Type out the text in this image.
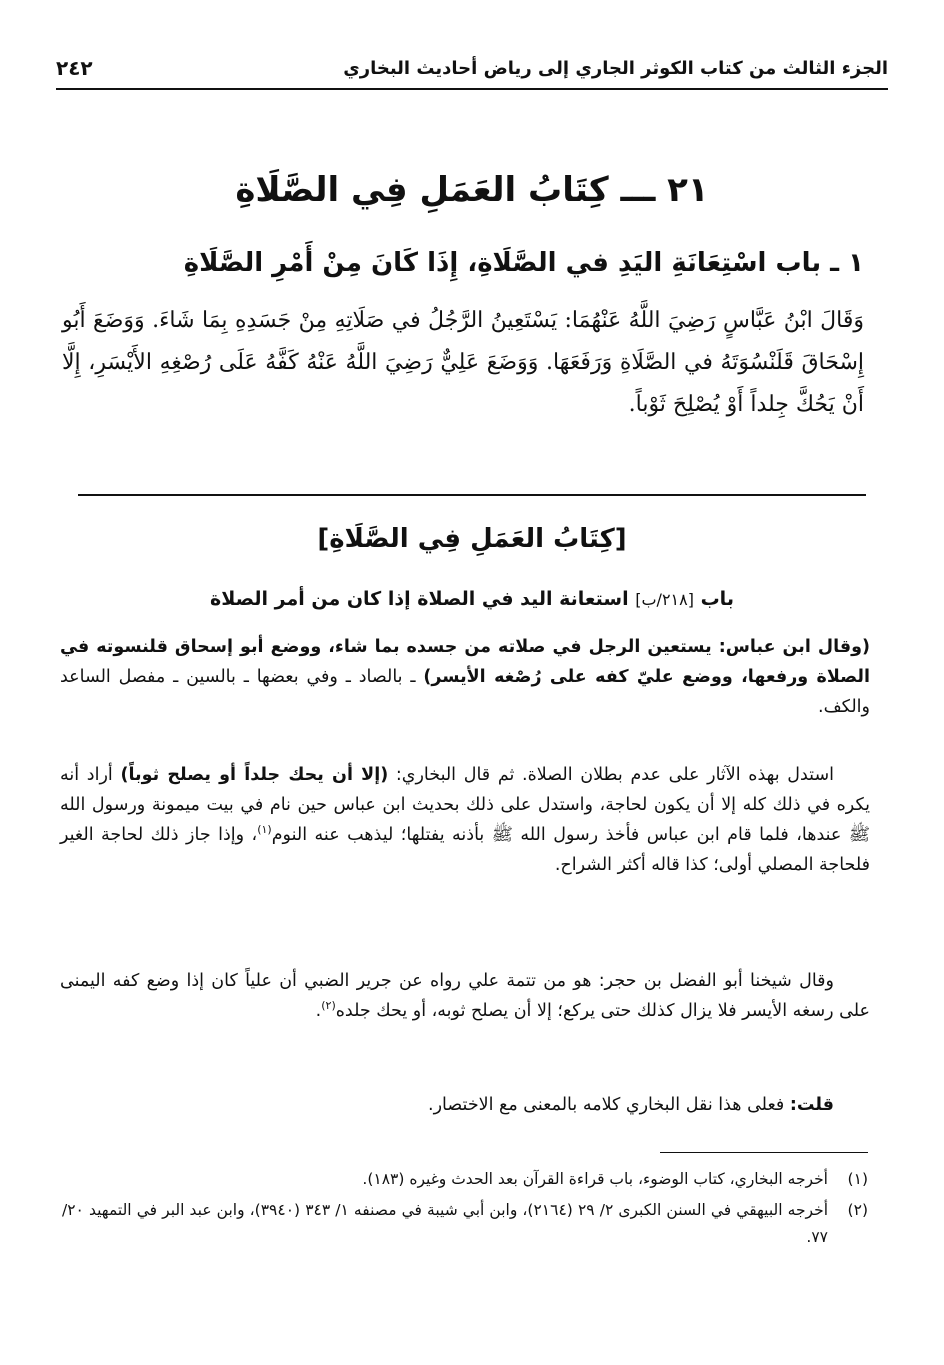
الجزء الثالث من كتاب الكوثر الجاري إلى رياض أحاديث البخاري
٢٤٢
٢١ ـــ كِتَابُ العَمَلِ فِي الصَّلَاةِ
١ ـ باب اسْتِعَانَةِ اليَدِ في الصَّلَاةِ، إِذَا كَانَ مِنْ أَمْرِ الصَّلَاةِ
وَقَالَ ابْنُ عَبَّاسٍ رَضِيَ اللَّهُ عَنْهُمَا: يَسْتَعِينُ الرَّجُلُ في صَلَاتِهِ مِنْ جَسَدِهِ بِمَا شَاءَ. وَوَضَعَ أَبُو إِسْحَاقَ قَلَنْسُوَتَهُ في الصَّلَاةِ وَرَفَعَهَا. وَوَضَعَ عَلِيٌّ رَضِيَ اللَّهُ عَنْهُ كَفَّهُ عَلَى رُصْغِهِ الأَيْسَرِ، إِلَّا أَنْ يَحُكَّ جِلداً أَوْ يُصْلِحَ ثَوْباً.
[كِتَابُ العَمَلِ فِي الصَّلَاةِ]
باب [٢١٨/ب] استعانة اليد في الصلاة إذا كان من أمر الصلاة
(وقال ابن عباس: يستعين الرجل في صلاته من جسده بما شاء، ووضع أبو إسحاق قلنسوته في الصلاة ورفعها، ووضع عليّ كفه على رُصْغه الأيسر) ـ بالصاد ـ وفي بعضها ـ بالسين ـ مفصل الساعد والكف.
استدل بهذه الآثار على عدم بطلان الصلاة. ثم قال البخاري: (إلا أن يحك جلداً أو يصلح ثوباً) أراد أنه يكره في ذلك كله إلا أن يكون لحاجة، واستدل على ذلك بحديث ابن عباس حين نام في بيت ميمونة ورسول الله ﷺ عندها، فلما قام ابن عباس فأخذ رسول الله ﷺ بأذنه يفتلها؛ ليذهب عنه النوم$^{(١)}$، وإذا جاز ذلك لحاجة الغير فلحاجة المصلي أولى؛ كذا قاله أكثر الشراح.
وقال شيخنا أبو الفضل بن حجر: هو من تتمة علي رواه عن جرير الضبي أن علياً كان إذا وضع كفه اليمنى على رسغه الأيسر فلا يزال كذلك حتى يركع؛ إلا أن يصلح ثوبه، أو يحك جلده$^{(٢)}$.
قلت: فعلى هذا نقل البخاري كلامه بالمعنى مع الاختصار.
(١)
أخرجه البخاري، كتاب الوضوء، باب قراءة القرآن بعد الحدث وغيره (١٨٣).
(٢)
أخرجه البيهقي في السنن الكبرى ٢/ ٢٩ (٢١٦٤)، وابن أبي شيبة في مصنفه ١/ ٣٤٣ (٣٩٤٠)، وابن عبد البر في التمهيد ٢٠/ ٧٧.
